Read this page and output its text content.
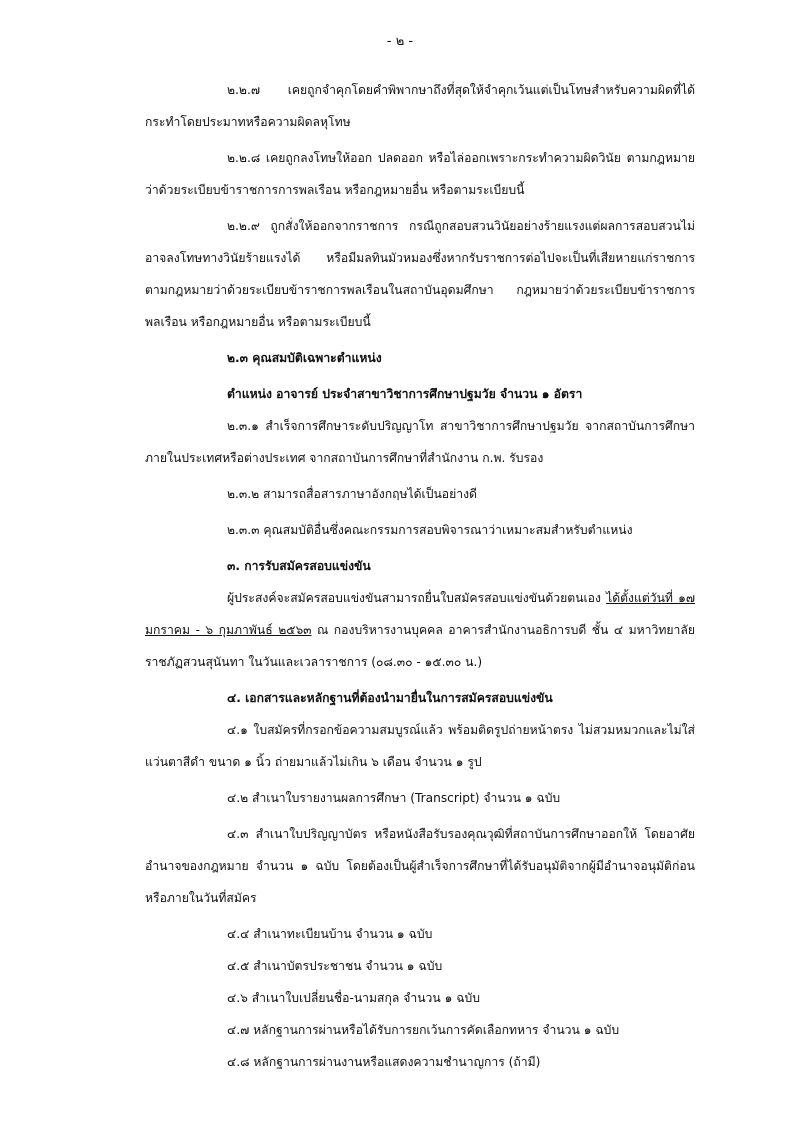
- ๒ -

๒.๒.๗ เคยถูกจำคุกโดยคำพิพากษาถึงที่สุดให้จำคุกเว้นแต่เป็นโทษสำหรับความผิดที่ได้กระทำโดยประมาทหรือความผิดลหุโทษ

๒.๒.๘ เคยถูกลงโทษให้ออก ปลดออก หรือไล่ออกเพราะกระทำความผิดวินัย ตามกฎหมายว่าด้วยระเบียบข้าราชการการพลเรือน หรือกฎหมายอื่น หรือตามระเบียบนี้

๒.๒.๙ ถูกสั่งให้ออกจากราชการ กรณีถูกสอบสวนวินัยอย่างร้ายแรงแต่ผลการสอบสวนไม่อาจลงโทษทางวินัยร้ายแรงได้ หรือมีมลทินมัวหมองซึ่งหากรับราชการต่อไปจะเป็นที่เสียหายแก่ราชการตามกฎหมายว่าด้วยระเบียบข้าราชการพลเรือนในสถาบันอุดมศึกษา กฎหมายว่าด้วยระเบียบข้าราชการพลเรือน หรือกฎหมายอื่น หรือตามระเบียบนี้

๒.๓ คุณสมบัติเฉพาะตำแหน่ง

ตำแหน่ง อาจารย์ ประจำสาขาวิชาการศึกษาปฐมวัย จำนวน ๑ อัตรา

๒.๓.๑ สำเร็จการศึกษาระดับปริญญาโท สาขาวิชาการศึกษาปฐมวัย จากสถาบันการศึกษาภายในประเทศหรือต่างประเทศ จากสถาบันการศึกษาที่สำนักงาน ก.พ. รับรอง

๒.๓.๒ สามารถสื่อสารภาษาอังกฤษได้เป็นอย่างดี

๒.๓.๓ คุณสมบัติอื่นซึ่งคณะกรรมการสอบพิจารณาว่าเหมาะสมสำหรับตำแหน่ง

๓. การรับสมัครสอบแข่งขัน

ผู้ประสงค์จะสมัครสอบแข่งขันสามารถยื่นใบสมัครสอบแข่งขันด้วยตนเอง ได้ตั้งแต่วันที่ ๑๗ มกราคม - ๖ กุมภาพันธ์ ๒๕๖๓ ณ กองบริหารงานบุคคล อาคารสำนักงานอธิการบดี ชั้น ๔ มหาวิทยาลัยราชภัฏสวนสุนันทา ในวันและเวลาราชการ (๐๘.๓๐ - ๑๕.๓๐ น.)

๔. เอกสารและหลักฐานที่ต้องนำมายื่นในการสมัครสอบแข่งขัน

๔.๑ ใบสมัครที่กรอกข้อความสมบูรณ์แล้ว พร้อมติดรูปถ่ายหน้าตรง ไม่สวมหมวกและไม่ใส่แว่นตาสีดำ ขนาด ๑ นิ้ว ถ่ายมาแล้วไม่เกิน ๖ เดือน จำนวน ๑ รูป

๔.๒ สำเนาใบรายงานผลการศึกษา (Transcript) จำนวน ๑ ฉบับ

๔.๓ สำเนาใบปริญญาบัตร หรือหนังสือรับรองคุณวุฒิที่สถาบันการศึกษาออกให้ โดยอาศัยอำนาจของกฎหมาย จำนวน ๑ ฉบับ โดยต้องเป็นผู้สำเร็จการศึกษาที่ได้รับอนุมัติจากผู้มีอำนาจอนุมัติก่อนหรือภายในวันที่สมัคร

๔.๔ สำเนาทะเบียนบ้าน จำนวน ๑ ฉบับ

๔.๕ สำเนาบัตรประชาชน จำนวน ๑ ฉบับ

๔.๖ สำเนาใบเปลี่ยนชื่อ-นามสกุล จำนวน ๑ ฉบับ

๔.๗ หลักฐานการผ่านหรือได้รับการยกเว้นการคัดเลือกทหาร จำนวน ๑ ฉบับ

๔.๘ หลักฐานการผ่านงานหรือแสดงความชำนาญการ (ถ้ามี)
